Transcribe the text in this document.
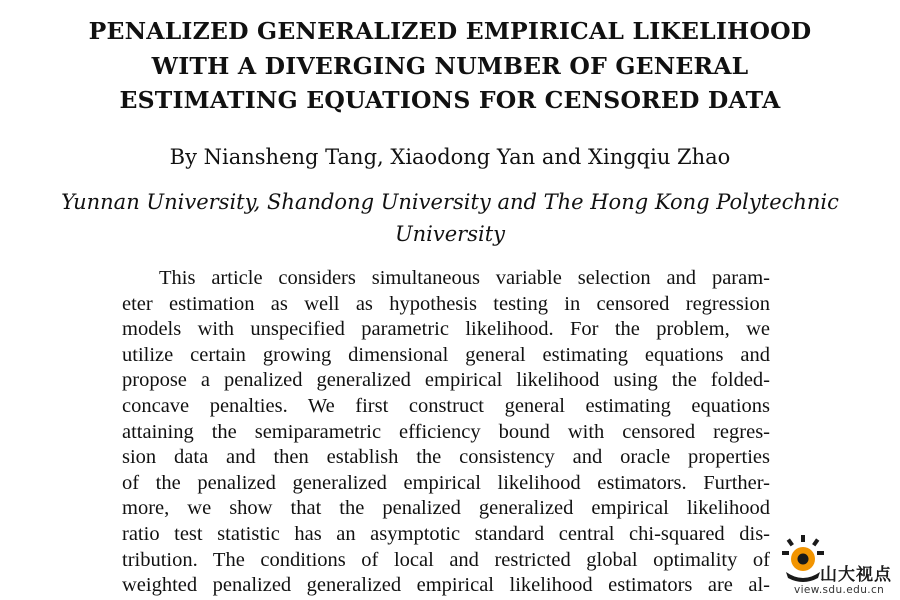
PENALIZED GENERALIZED EMPIRICAL LIKELIHOOD
WITH A DIVERGING NUMBER OF GENERAL
ESTIMATING EQUATIONS FOR CENSORED DATA
By Niansheng Tang, Xiaodong Yan and Xingqiu Zhao
Yunnan University, Shandong University and The Hong Kong Polytechnic
University
This article considers simultaneous variable selection and param-
eter estimation as well as hypothesis testing in censored regression
models with unspecified parametric likelihood. For the problem, we
utilize certain growing dimensional general estimating equations and
propose a penalized generalized empirical likelihood using the folded-
concave penalties. We first construct general estimating equations
attaining the semiparametric efficiency bound with censored regres-
sion data and then establish the consistency and oracle properties
of the penalized generalized empirical likelihood estimators. Further-
more, we show that the penalized generalized empirical likelihood
ratio test statistic has an asymptotic standard central chi-squared dis-
tribution. The conditions of local and restricted global optimality of
weighted penalized generalized empirical likelihood estimators are al-	山大视点
view.sdu.edu.cn
